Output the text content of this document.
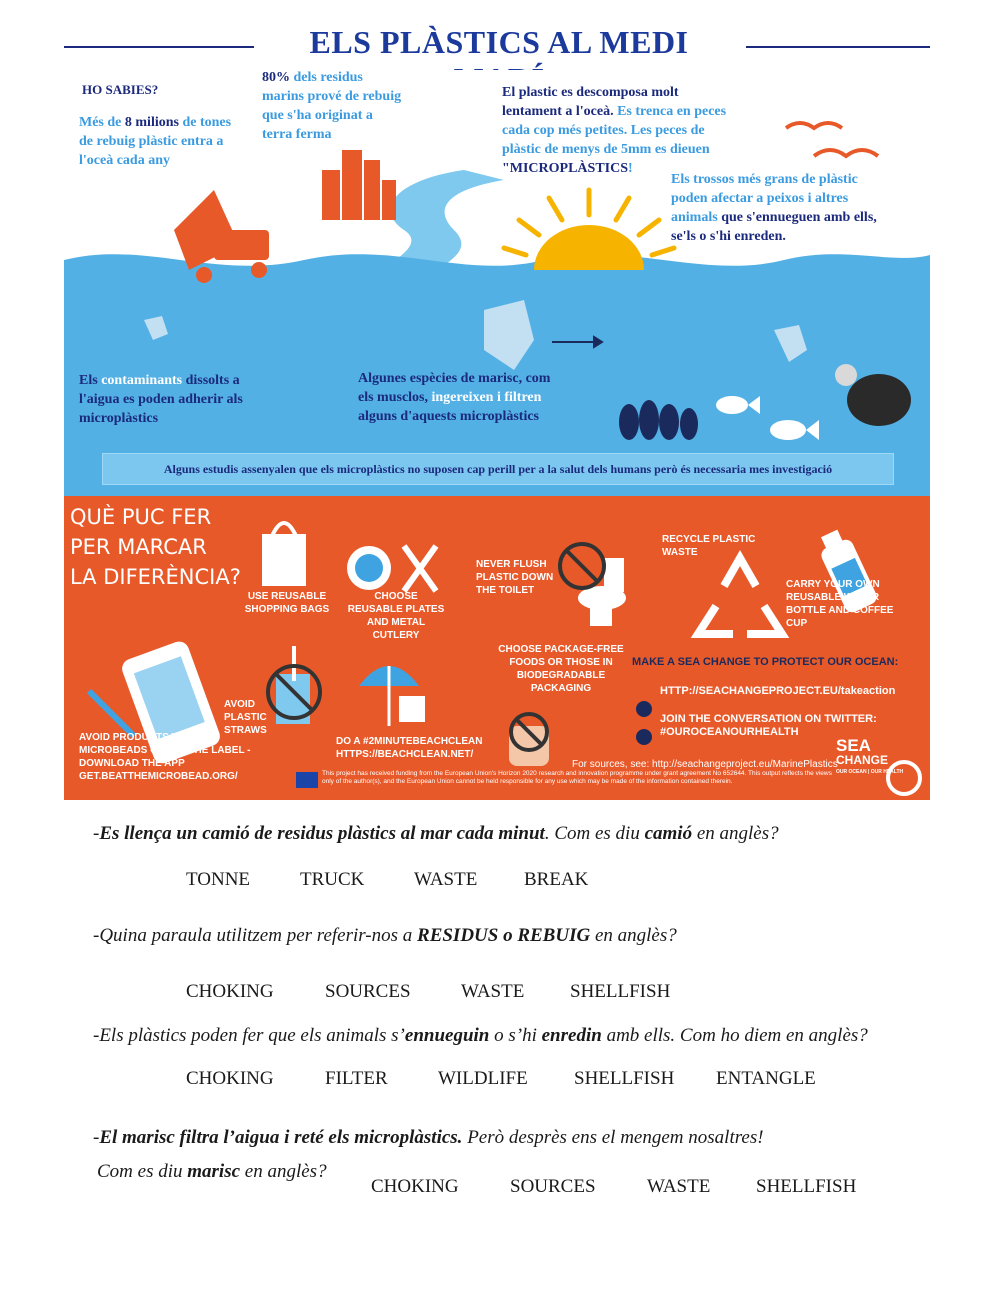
ELS PLÀSTICS AL MEDI
HO SABIES?
Més de 8 milions de tones
de rebuig plàstic entra a
l'oceà cada any
80% dels residus
marins prové de rebuig
que s'ha originat a
terra ferma
El plastic es descomposa molt
lentament a l'oceà. Es trenca en peces
cada cop més petites. Les peces de
plàstic de menys de 5mm es dieuen
"MICROPLÀSTICS!
Els trossos més grans de plàstic
poden afectar a peixos i altres
animals que s'ennueguen amb ells,
se'ls o s'hi enreden.
Els contaminants dissolts a
l'aigua es poden adherir als
microplàstics
Algunes espècies de marisc, com
els musclos, ingereixen i filtren
alguns d'aquests microplàstics
Alguns estudis assenyalen que els microplàstics no suposen cap perill per a la salut dels humans però és necessaria mes investigació
QUÈ PUC FER
PER MARCAR
LA DIFERÈNCIA?
USE REUSABLE SHOPPING BAGS
CHOOSE REUSABLE PLATES AND METAL CUTLERY
NEVER FLUSH PLASTIC DOWN THE TOILET
RECYCLE PLASTIC WASTE
CARRY YOUR OWN REUSABLE WATER BOTTLE AND COFFEE CUP
AVOID PRODUCTS WITH MICROBEADS CHECK THE LABEL - DOWNLOAD THE APP GET.BEATTHEMICROBEAD.ORG/
AVOID PLASTIC STRAWS
DO A #2MINUTEBEACHCLEAN HTTPS://BEACHCLEAN.NET/
CHOOSE PACKAGE-FREE FOODS OR THOSE IN BIODEGRADABLE PACKAGING
MAKE A SEA CHANGE TO PROTECT OUR OCEAN:
HTTP://SEACHANGEPROJECT.EU/takeaction
JOIN THE CONVERSATION ON TWITTER: #OUROCEANOURHEALTH
For sources, see: http://seachangeproject.eu/MarinePlastics
SEA
CHANGE
OUR OCEAN | OUR HEALTH
This project has received funding from the European Union's Horizon 2020 research and innovation programme under grant agreement No 652644. This output reflects the views only of the author(s), and the European Union cannot be held responsible for any use which may be made of the information contained therein.
-Es llença un camió de residus plàstics al mar cada minut. Com es diu camió en anglès?
TONNE	TRUCK	WASTE BREAK
-Quina paraula utilitzem per referir-nos a RESIDUS o REBUIG en anglès?
CHOKING	SOURCES	WASTE SHELLFISH
-Els plàstics poden fer que els animals s’ennueguin o s’hi enredin amb ells. Com ho diem en anglès?
CHOKING	FILTER	WILDLIFE SHELLFISH ENTANGLE
-El marisc filtra l’aigua i reté els microplàstics. Però desprès ens el mengem nosaltres!
Com es diu marisc en anglès?
CHOKING	SOURCES	WASTE SHELLFISH
